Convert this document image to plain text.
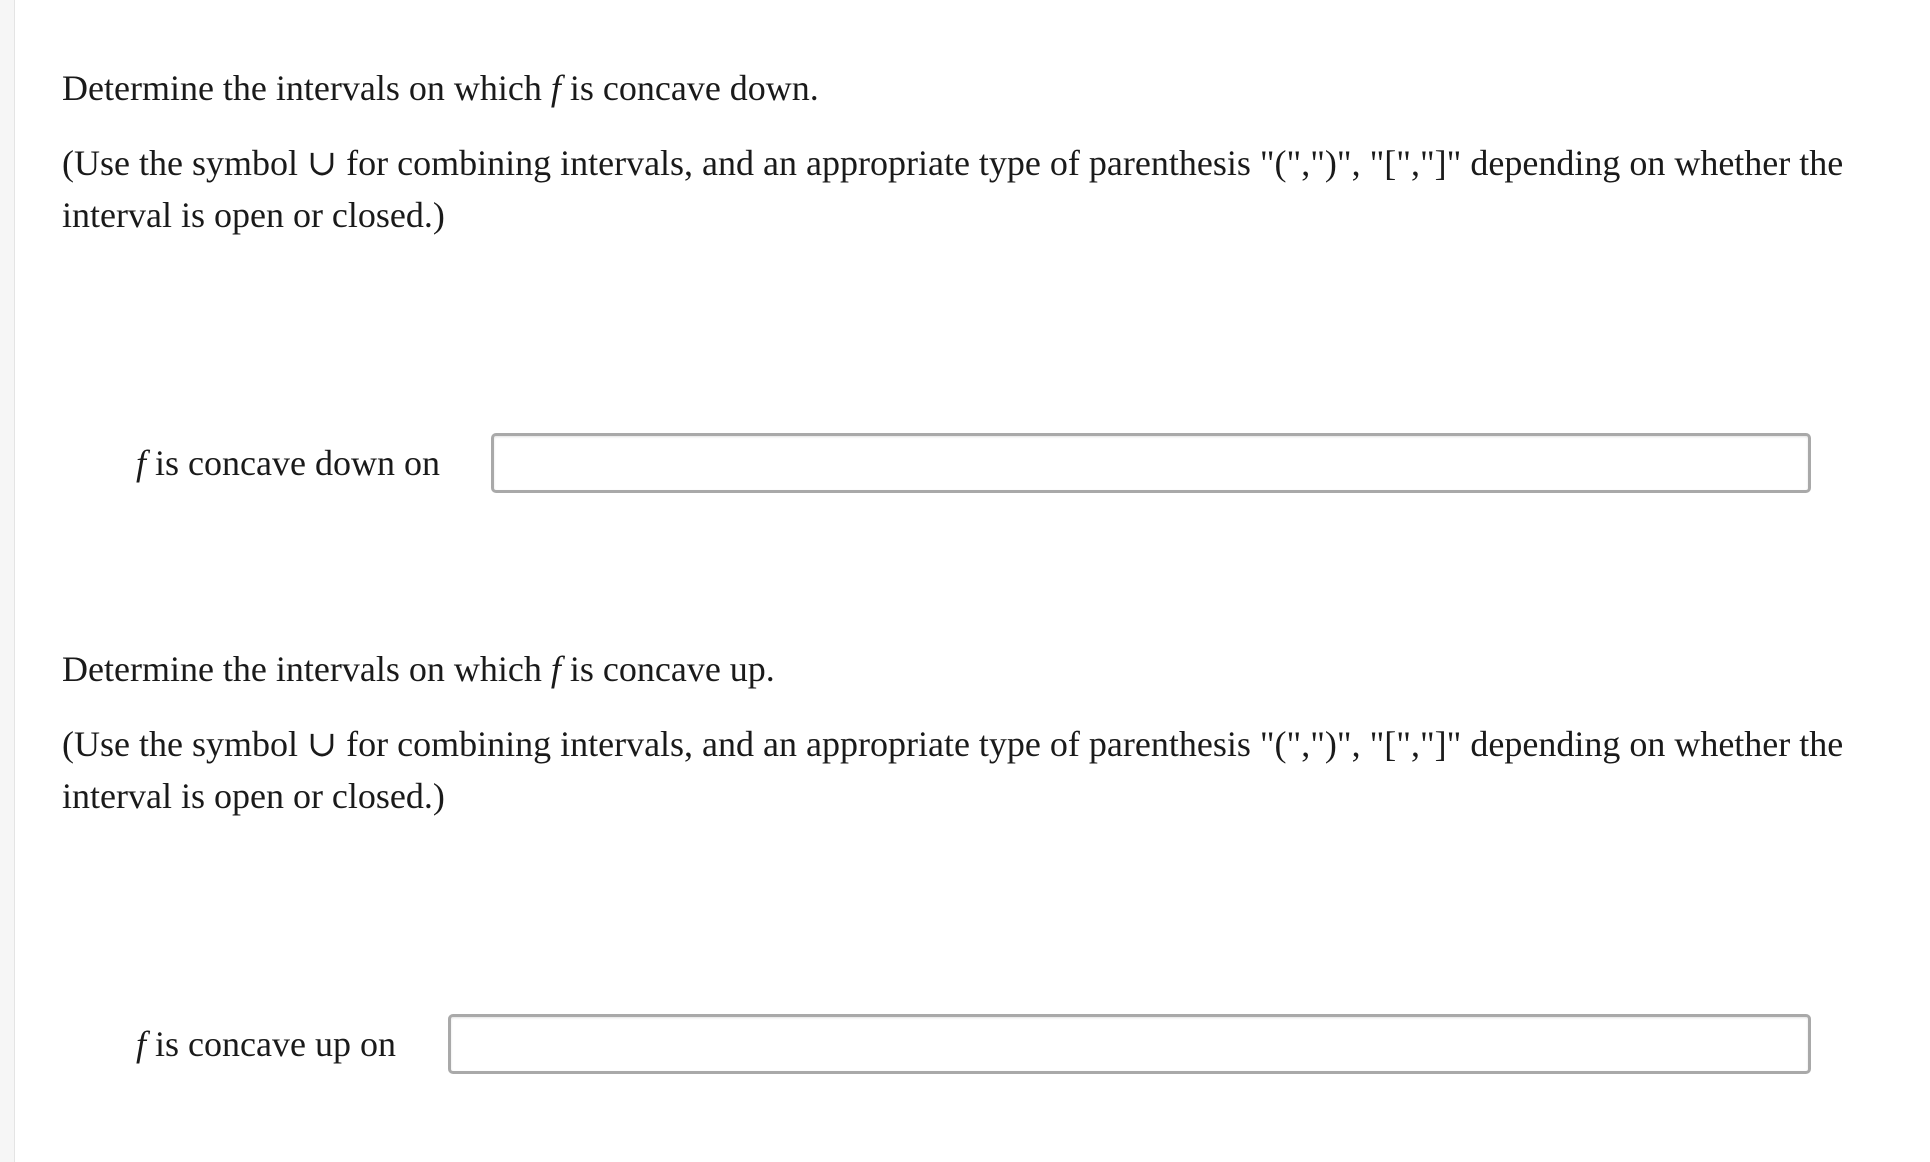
Determine the intervals on which f is concave down.
(Use the symbol ∪ for combining intervals, and an appropriate type of parenthesis "(",")", "[","]" depending on whether the interval is open or closed.)
f is concave down on
Determine the intervals on which f is concave up.
(Use the symbol ∪ for combining intervals, and an appropriate type of parenthesis "(",")", "[","]" depending on whether the interval is open or closed.)
f is concave up on
